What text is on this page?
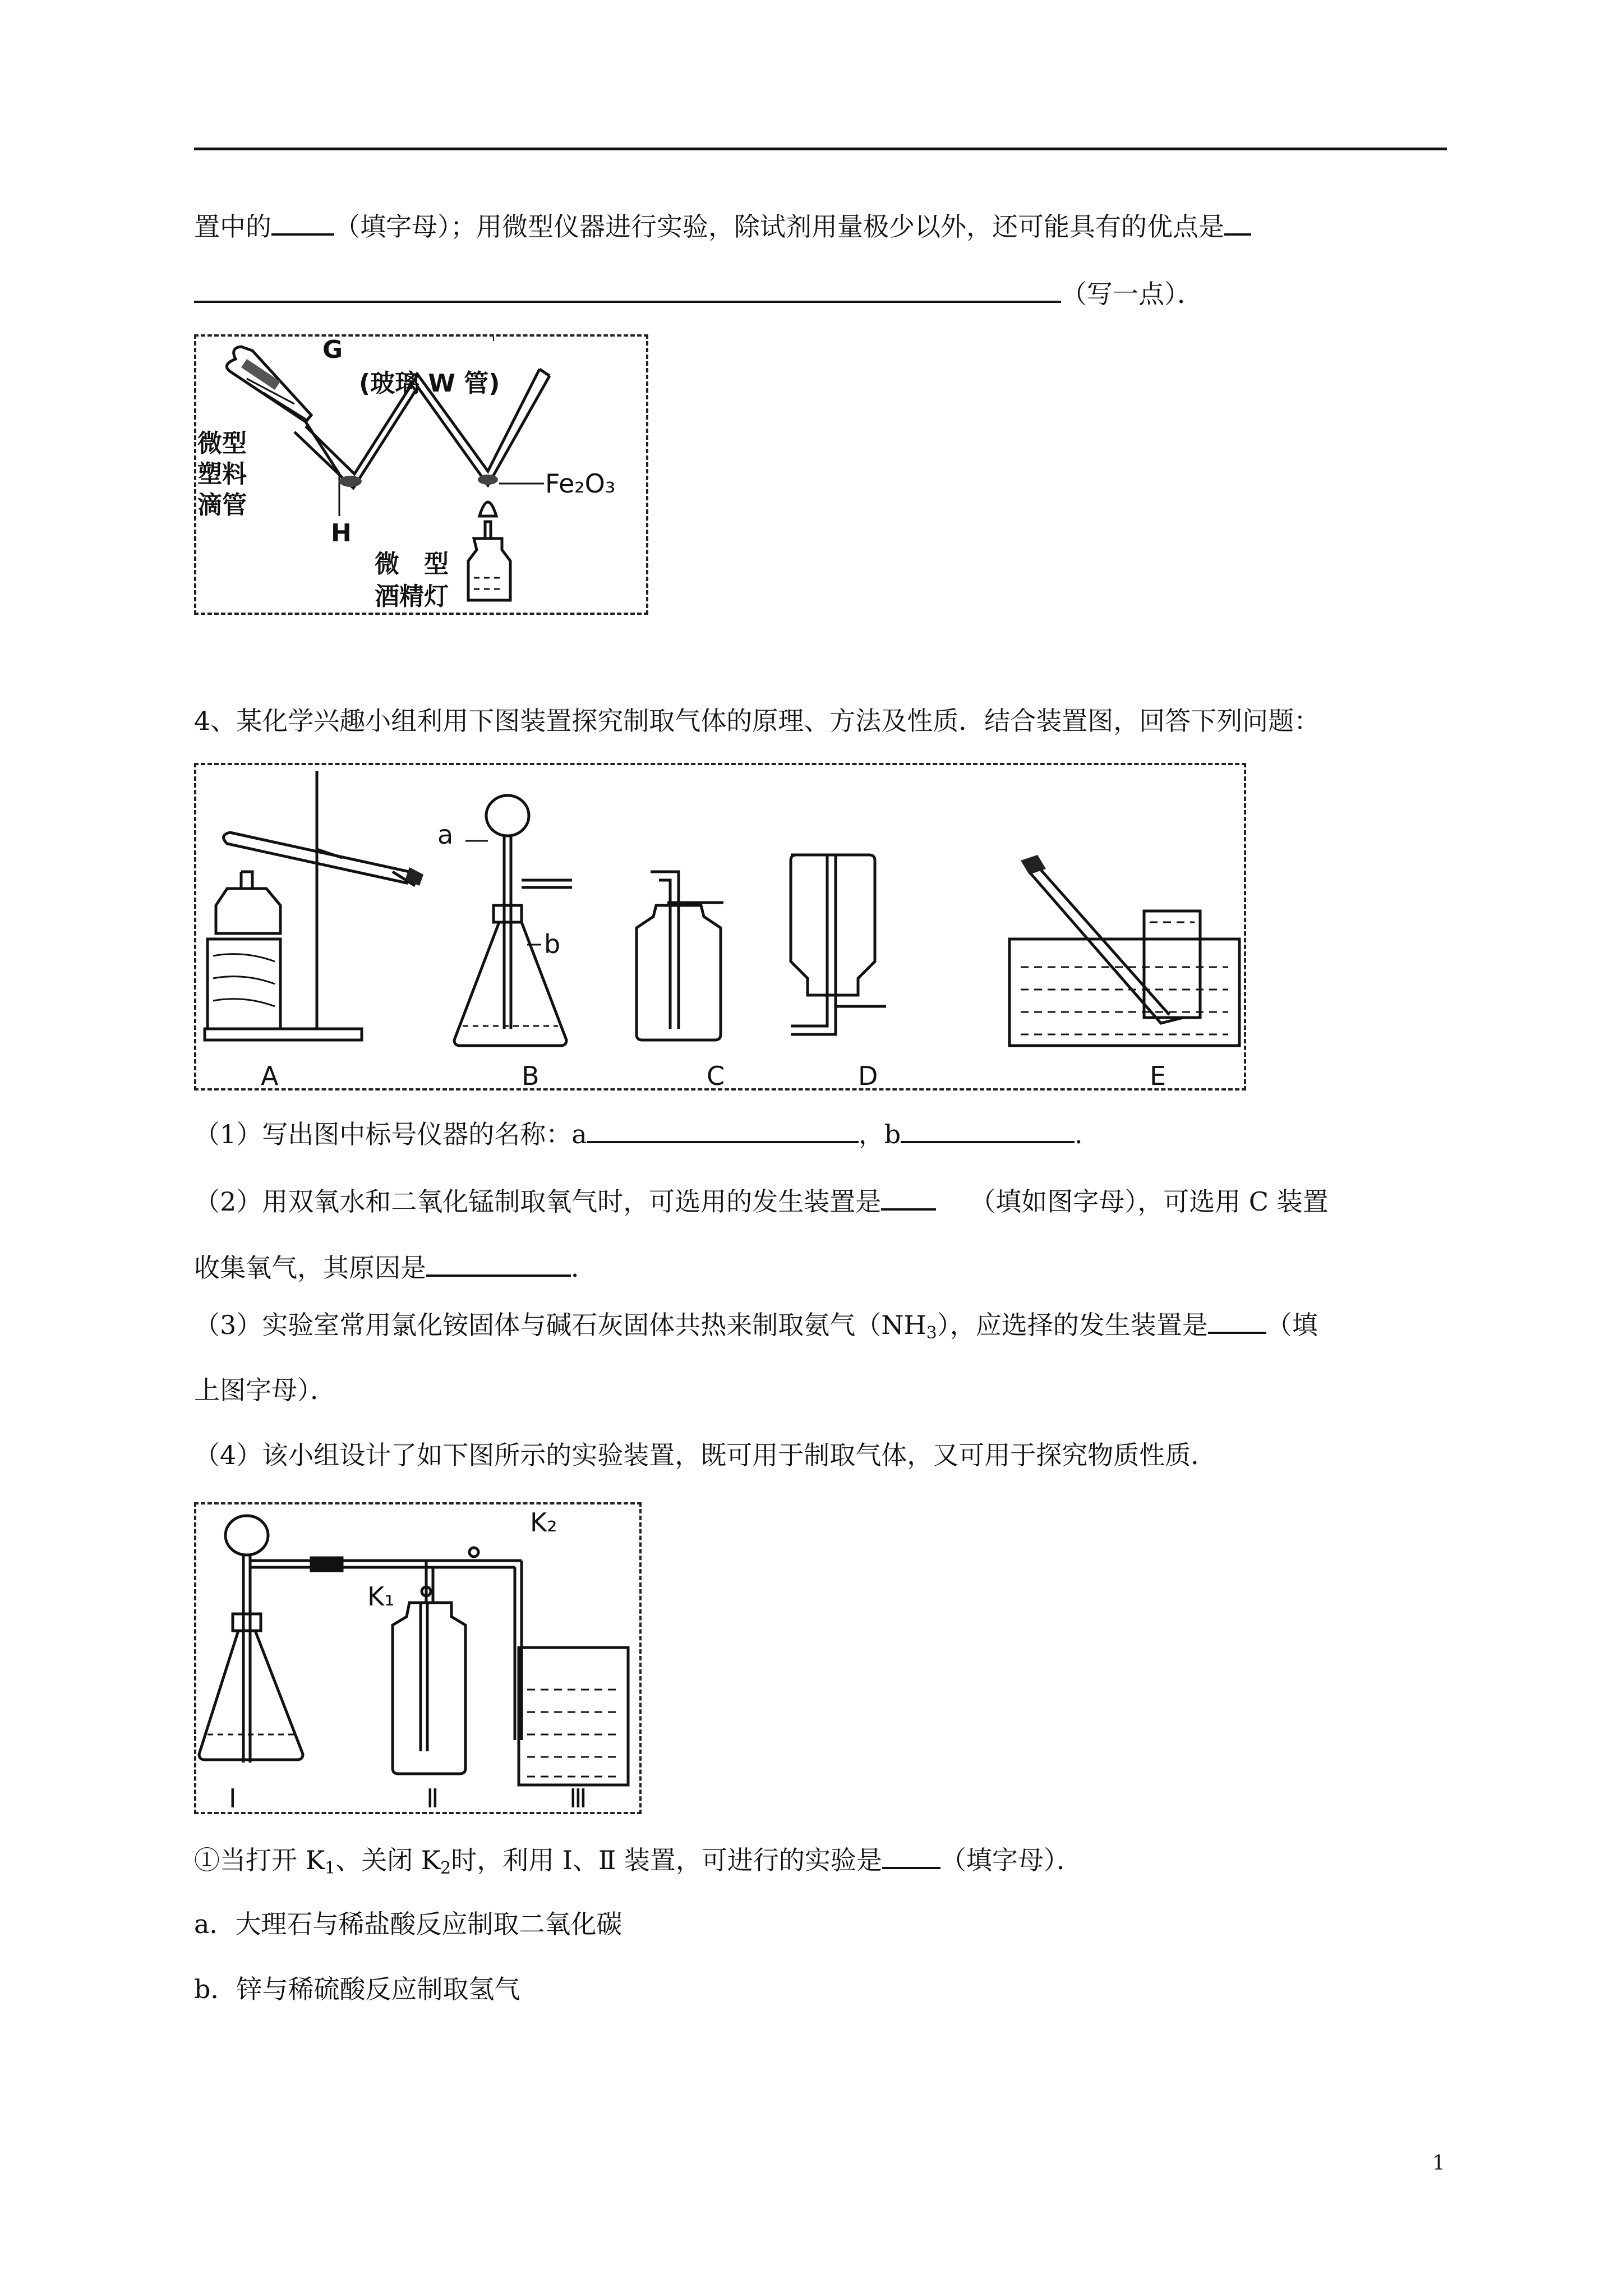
置中的 （填字母）；用微型仪器进行实验，除试剂用量极少以外，还可能具有的优点是
（写一点）．
G
(玻璃 W 管)
微型
塑料
滴管
H
Fe₂O₃
微　型
酒精灯
4、某化学兴趣小组利用下图装置探究制取气体的原理、方法及性质．结合装置图，回答下列问题：
a
b
A	B	C	D	E
（1）写出图中标号仪器的名称：a	，b	．
（2）用双氧水和二氧化锰制取氧气时，可选用的发生装置是	（填如图字母），可选用 C 装置
收集氧气，其原因是	．
（3）实验室常用氯化铵固体与碱石灰固体共热来制取氨气$(NH_3)$，应选择的发生装置是 （填
上图字母）．
（4）该小组设计了如下图所示的实验装置，既可用于制取气体，又可用于探究物质性质．
K₂
K₁
Ⅰ	Ⅱ	Ⅲ
①当打开 $K_1$、关闭 $K_2$时，利用 Ⅰ、Ⅱ 装置，可进行的实验是 （填字母）．
a．大理石与稀盐酸反应制取二氧化碳
b．锌与稀硫酸反应制取氢气
1
